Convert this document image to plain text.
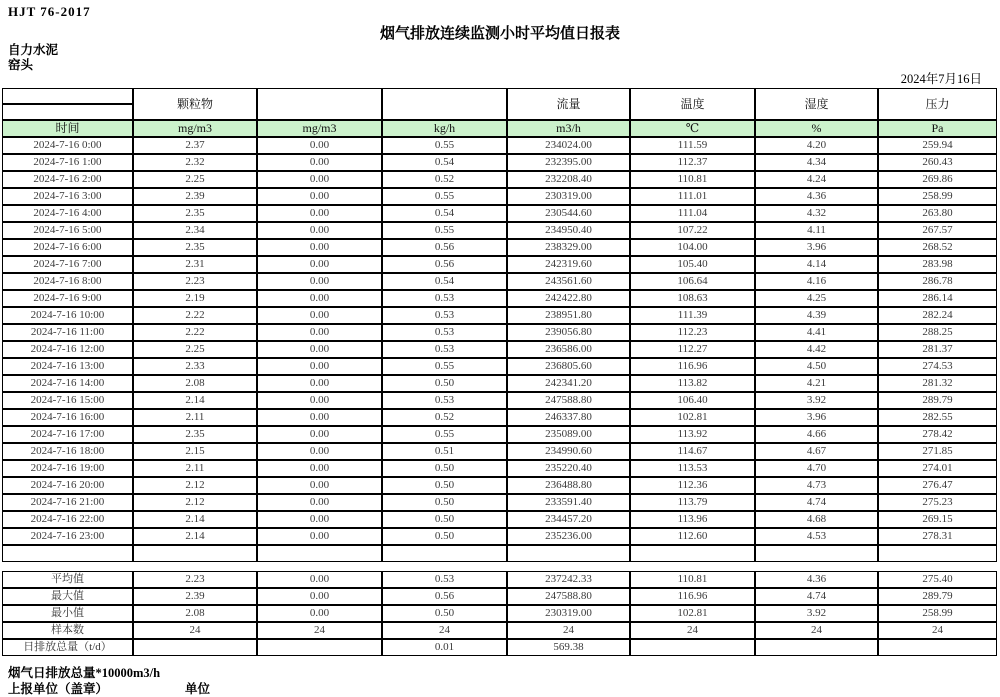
HJT 76-2017
烟气排放连续监测小时平均值日报表
自力水泥
窑头
2024年7月16日
	颗粒物			流量	温度	湿度	压力

时间	mg/m3	mg/m3	kg/h	m3/h	℃	%	Pa
2024-7-16 0:00	2.37	0.00	0.55	234024.00	111.59	4.20	259.94
2024-7-16 1:00	2.32	0.00	0.54	232395.00	112.37	4.34	260.43
2024-7-16 2:00	2.25	0.00	0.52	232208.40	110.81	4.24	269.86
2024-7-16 3:00	2.39	0.00	0.55	230319.00	111.01	4.36	258.99
2024-7-16 4:00	2.35	0.00	0.54	230544.60	111.04	4.32	263.80
2024-7-16 5:00	2.34	0.00	0.55	234950.40	107.22	4.11	267.57
2024-7-16 6:00	2.35	0.00	0.56	238329.00	104.00	3.96	268.52
2024-7-16 7:00	2.31	0.00	0.56	242319.60	105.40	4.14	283.98
2024-7-16 8:00	2.23	0.00	0.54	243561.60	106.64	4.16	286.78
2024-7-16 9:00	2.19	0.00	0.53	242422.80	108.63	4.25	286.14
2024-7-16 10:00	2.22	0.00	0.53	238951.80	111.39	4.39	282.24
2024-7-16 11:00	2.22	0.00	0.53	239056.80	112.23	4.41	288.25
2024-7-16 12:00	2.25	0.00	0.53	236586.00	112.27	4.42	281.37
2024-7-16 13:00	2.33	0.00	0.55	236805.60	116.96	4.50	274.53
2024-7-16 14:00	2.08	0.00	0.50	242341.20	113.82	4.21	281.32
2024-7-16 15:00	2.14	0.00	0.53	247588.80	106.40	3.92	289.79
2024-7-16 16:00	2.11	0.00	0.52	246337.80	102.81	3.96	282.55
2024-7-16 17:00	2.35	0.00	0.55	235089.00	113.92	4.66	278.42
2024-7-16 18:00	2.15	0.00	0.51	234990.60	114.67	4.67	271.85
2024-7-16 19:00	2.11	0.00	0.50	235220.40	113.53	4.70	274.01
2024-7-16 20:00	2.12	0.00	0.50	236488.80	112.36	4.73	276.47
2024-7-16 21:00	2.12	0.00	0.50	233591.40	113.79	4.74	275.23
2024-7-16 22:00	2.14	0.00	0.50	234457.20	113.96	4.68	269.15
2024-7-16 23:00	2.14	0.00	0.50	235236.00	112.60	4.53	278.31

平均值	2.23	0.00	0.53	237242.33	110.81	4.36	275.40
最大值	2.39	0.00	0.56	247588.80	116.96	4.74	289.79
最小值	2.08	0.00	0.50	230319.00	102.81	3.92	258.99
样本数	24	24	24	24	24	24	24
日排放总量（t/d）			0.01	569.38			
烟气日排放总量*10000m3/h
上报单位（盖章）	单位
